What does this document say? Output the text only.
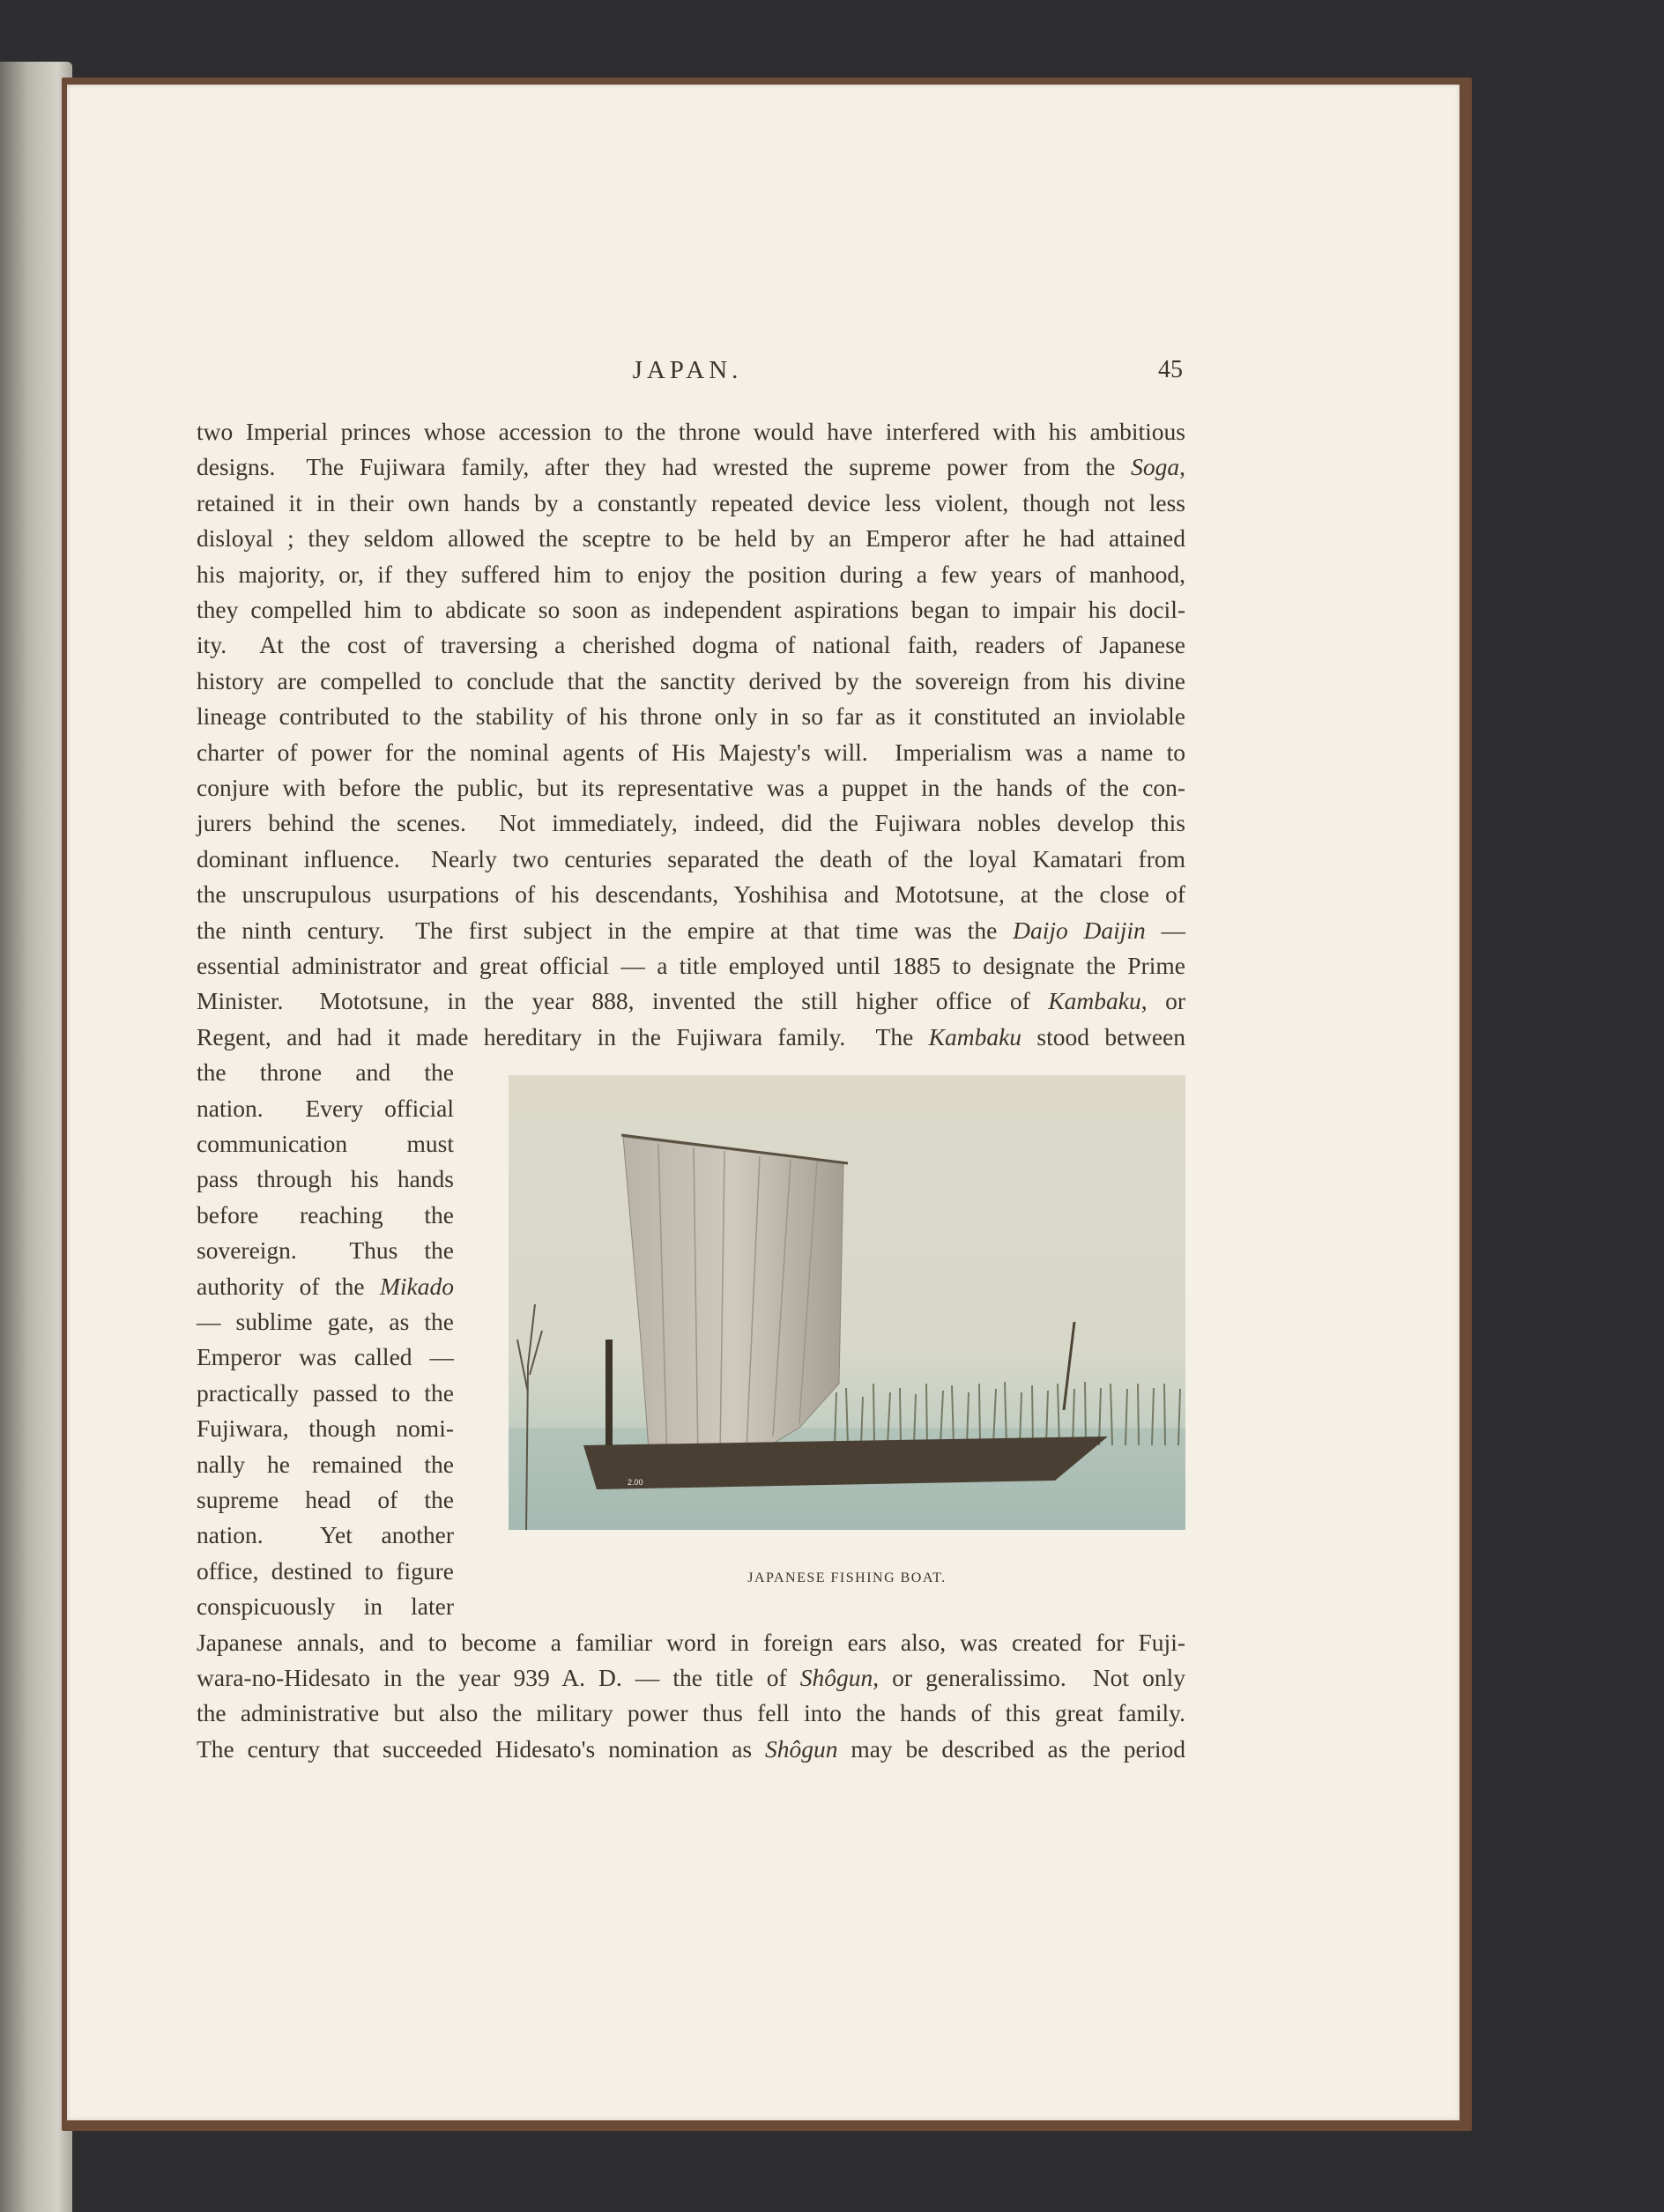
JAPAN.	45
two Imperial princes whose accession to the throne would have interfered with his ambitious
designs.  The Fujiwara family, after they had wrested the supreme power from the Soga,
retained it in their own hands by a constantly repeated device less violent, though not less
disloyal ; they seldom allowed the sceptre to be held by an Emperor after he had attained
his majority, or, if they suffered him to enjoy the position during a few years of manhood,
they compelled him to abdicate so soon as independent aspirations began to impair his docil-
ity.  At the cost of traversing a cherished dogma of national faith, readers of Japanese
history are compelled to conclude that the sanctity derived by the sovereign from his divine
lineage contributed to the stability of his throne only in so far as it constituted an inviolable
charter of power for the nominal agents of His Majesty's will.  Imperialism was a name to
conjure with before the public, but its representative was a puppet in the hands of the con-
jurers behind the scenes.  Not immediately, indeed, did the Fujiwara nobles develop this
dominant influence.  Nearly two centuries separated the death of the loyal Kamatari from
the unscrupulous usurpations of his descendants, Yoshihisa and Mototsune, at the close of
the ninth century.  The first subject in the empire at that time was the Daijo Daijin —
essential administrator and great official — a title employed until 1885 to designate the Prime
Minister.  Mototsune, in the year 888, invented the still higher office of Kambaku, or
Regent, and had it made hereditary in the Fujiwara family.  The Kambaku stood between
the throne and the
nation.  Every official
communication must
pass through his hands
before reaching the
sovereign.  Thus the
authority of the Mikado
— sublime gate, as the
Emperor was called —
practically passed to the
Fujiwara, though nomi-
nally he remained the
supreme head of the
nation.  Yet another
office, destined to figure
conspicuously in later
Japanese annals, and to become a familiar word in foreign ears also, was created for Fuji-
wara-no-Hidesato in the year 939 A. D. — the title of Shôgun, or generalissimo.  Not only
the administrative but also the military power thus fell into the hands of this great family.
The century that succeeded Hidesato's nomination as Shôgun may be described as the period
2.00
JAPANESE FISHING BOAT.
